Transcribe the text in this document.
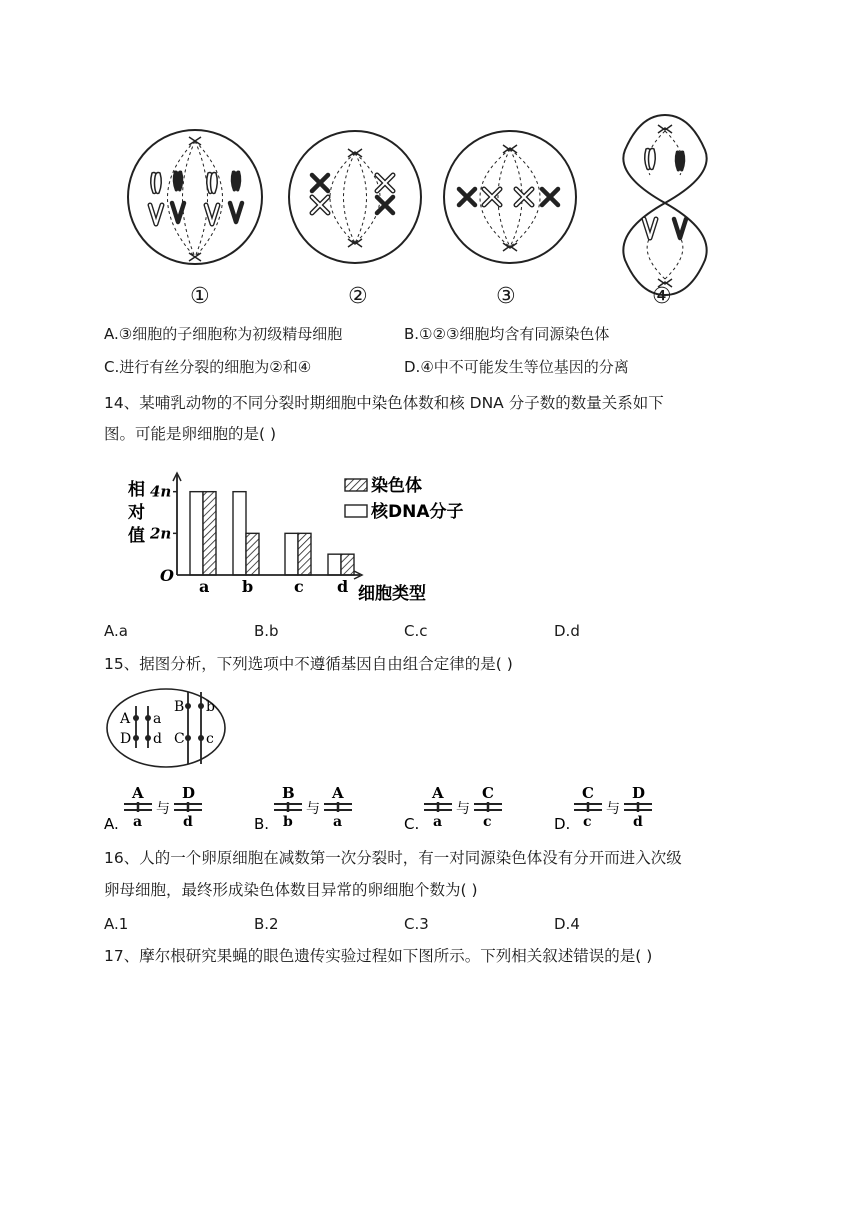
①	②	③	④
A.③细胞的子细胞称为初级精母细胞	B.①②③细胞均含有同源染色体
C.进行有丝分裂的细胞为②和④	D.④中不可能发生等位基因的分离
14、某哺乳动物的不同分裂时期细胞中染色体数和核 DNA 分子数的数量关系如下
图。可能是卵细胞的是( )
2n
4n
相
对
值
O
a b	c d 细胞类型
染色体
核DNA分子
A.a	B.b	C.c	D.d
15、据图分析，下列选项中不遵循基因自由组合定律的是( )
A a
D d
B b
C c
A.
A
a
与
D
d	B.
B
b
与
A
a	C.
A
a
与
C
c	D.
C
c
与
D
d
16、人的一个卵原细胞在减数第一次分裂时，有一对同源染色体没有分开而进入次级
卵母细胞，最终形成染色体数目异常的卵细胞个数为( )
A.1	B.2	C.3	D.4
17、摩尔根研究果蝇的眼色遗传实验过程如下图所示。下列相关叙述错误的是( )
